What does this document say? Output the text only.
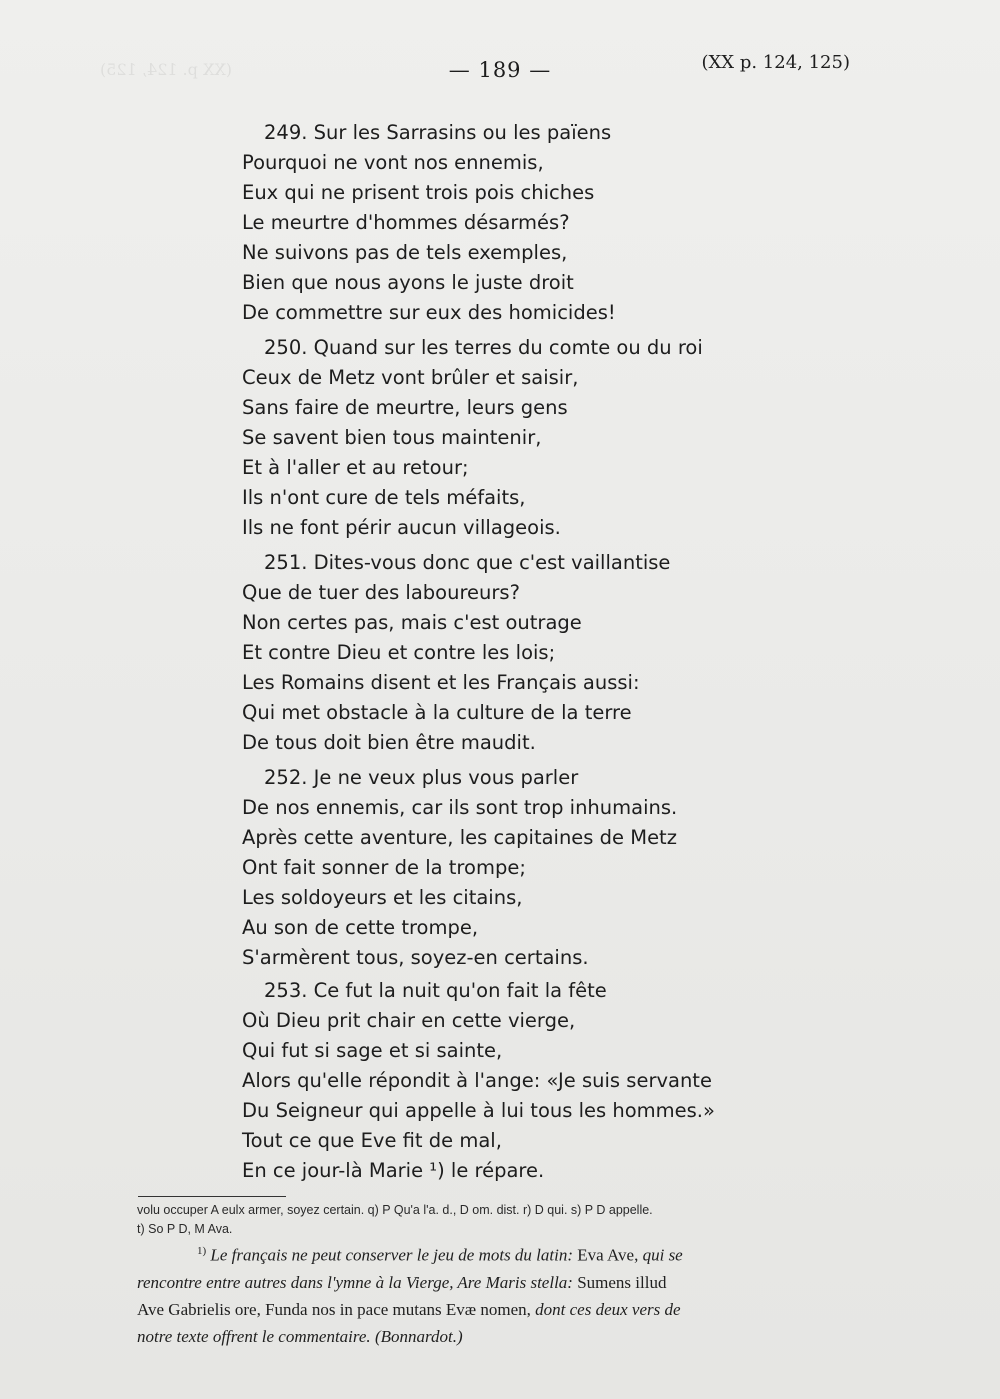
(XX p. 124, 125)	— 189 —	(XX p. 124, 125)
249. Sur les Sarrasins ou les païens
Pourquoi ne vont nos ennemis,
Eux qui ne prisent trois pois chiches
Le meurtre d'hommes désarmés?
Ne suivons pas de tels exemples,
Bien que nous ayons le juste droit
De commettre sur eux des homicides!
250. Quand sur les terres du comte ou du roi
Ceux de Metz vont brûler et saisir,
Sans faire de meurtre, leurs gens
Se savent bien tous maintenir,
Et à l'aller et au retour;
Ils n'ont cure de tels méfaits,
Ils ne font périr aucun villageois.
251. Dites-vous donc que c'est vaillantise
Que de tuer des laboureurs?
Non certes pas, mais c'est outrage
Et contre Dieu et contre les lois;
Les Romains disent et les Français aussi:
Qui met obstacle à la culture de la terre
De tous doit bien être maudit.
252. Je ne veux plus vous parler
De nos ennemis, car ils sont trop inhumains.
Après cette aventure, les capitaines de Metz
Ont fait sonner de la trompe;
Les soldoyeurs et les citains,
Au son de cette trompe,
S'armèrent tous, soyez-en certains.
253. Ce fut la nuit qu'on fait la fête
Où Dieu prit chair en cette vierge,
Qui fut si sage et si sainte,
Alors qu'elle répondit à l'ange: «Je suis servante
Du Seigneur qui appelle à lui tous les hommes.»
Tout ce que Eve fit de mal,
En ce jour-là Marie ¹) le répare.

volu occuper A eulx armer, soyez certain. q) P Qu'a l'a. d., D om. dist. r) D qui. s) P D appelle.

t) So P D, M Ava.

$^{1)}$ Le français ne peut conserver le jeu de mots du latin: Eva Ave, qui se

rencontre entre autres dans l'ymne à la Vierge, Are Maris stella: Sumens illud

Ave Gabrielis ore, Funda nos in pace mutans Evæ nomen, dont ces deux vers de

notre texte offrent le commentaire. (Bonnardot.)
